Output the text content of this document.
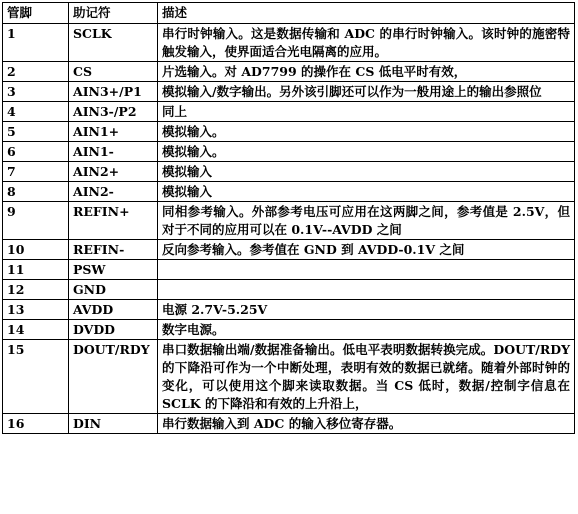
管脚	助记符	描述
1	SCLK	串行时钟输入。这是数据传输和 ADC 的串行时钟输入。该时钟的施密特触发输入，使界面适合光电隔离的应用。
2	CS	片选输入。对 AD7799 的操作在 CS 低电平时有效，
3	AIN3+/P1	模拟输入/数字输出。另外该引脚还可以作为一般用途上的输出参照位
4	AIN3-/P2	同上
5	AIN1+	模拟输入。
6	AIN1-	模拟输入。
7	AIN2+	模拟输入
8	AIN2-	模拟输入
9	REFIN+	同相参考输入。外部参考电压可应用在这两脚之间，参考值是 2.5V，但对于不同的应用可以在 0.1V--AVDD 之间
10	REFIN-	反向参考输入。参考值在 GND 到 AVDD-0.1V 之间
11	PSW	
12	GND	
13	AVDD	电源 2.7V-5.25V
14	DVDD	数字电源。
15	DOUT/RDY	串口数据输出端/数据准备输出。低电平表明数据转换完成。DOUT/RDY 的下降沿可作为一个中断处理，表明有效的数据已就绪。随着外部时钟的变化，可以使用这个脚来读取数据。当 CS 低时，数据/控制字信息在 SCLK 的下降沿和有效的上升沿上，
16	DIN	串行数据输入到 ADC 的输入移位寄存器。
